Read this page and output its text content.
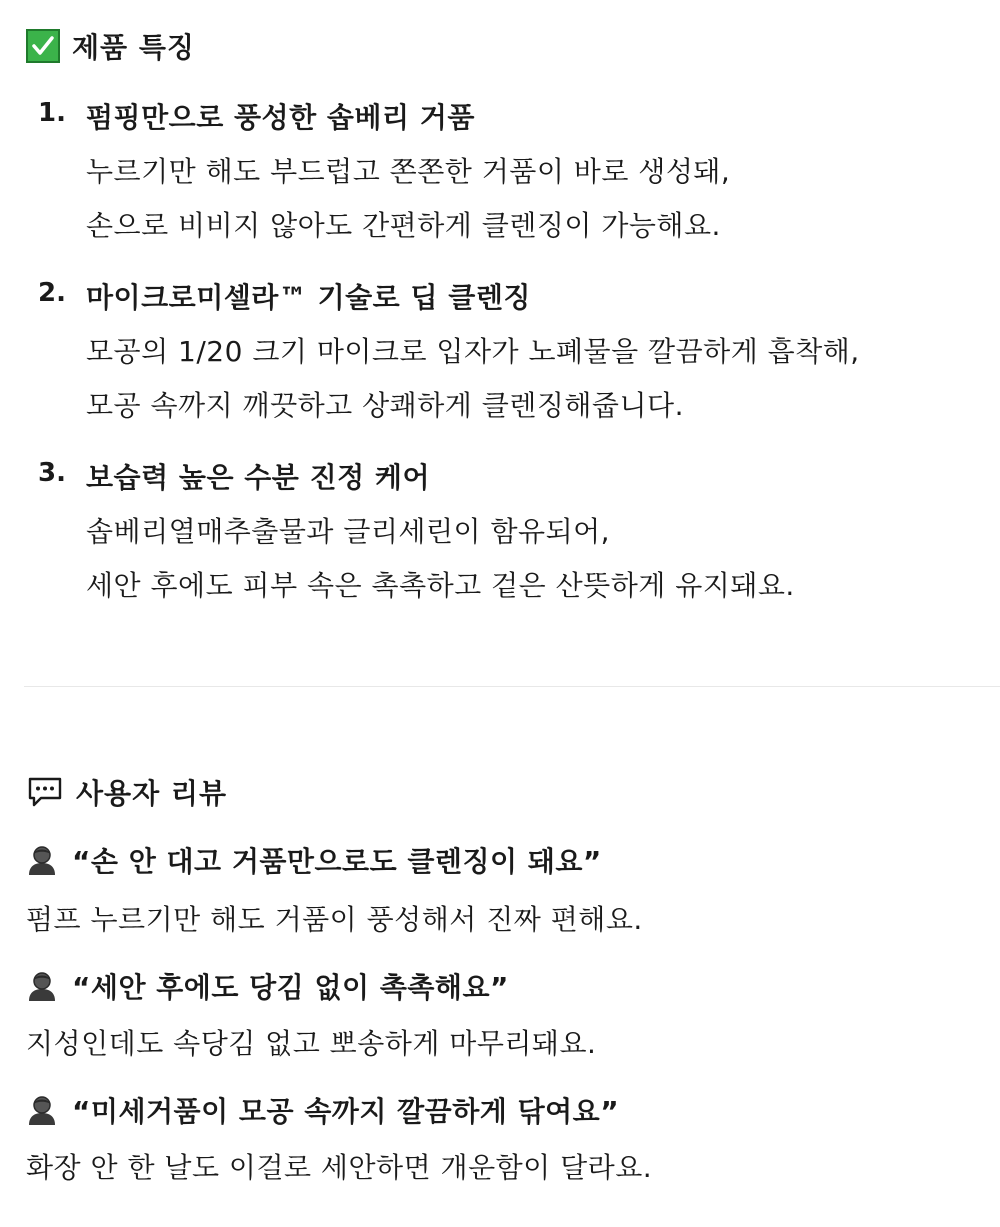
제품 특징
1. 펌핑만으로 풍성한 솝베리 거품
누르기만 해도 부드럽고 쫀쫀한 거품이 바로 생성돼,
손으로 비비지 않아도 간편하게 클렌징이 가능해요.
2. 마이크로미셀라™ 기술로 딥 클렌징
모공의 1/20 크기 마이크로 입자가 노폐물을 깔끔하게 흡착해,
모공 속까지 깨끗하고 상쾌하게 클렌징해줍니다.
3. 보습력 높은 수분 진정 케어
솝베리열매추출물과 글리세린이 함유되어,
세안 후에도 피부 속은 촉촉하고 겉은 산뜻하게 유지돼요.
사용자 리뷰
“손 안 대고 거품만으로도 클렌징이 돼요”
펌프 누르기만 해도 거품이 풍성해서 진짜 편해요.
“세안 후에도 당김 없이 촉촉해요”
지성인데도 속당김 없고 뽀송하게 마무리돼요.
“미세거품이 모공 속까지 깔끔하게 닦여요”
화장 안 한 날도 이걸로 세안하면 개운함이 달라요.
